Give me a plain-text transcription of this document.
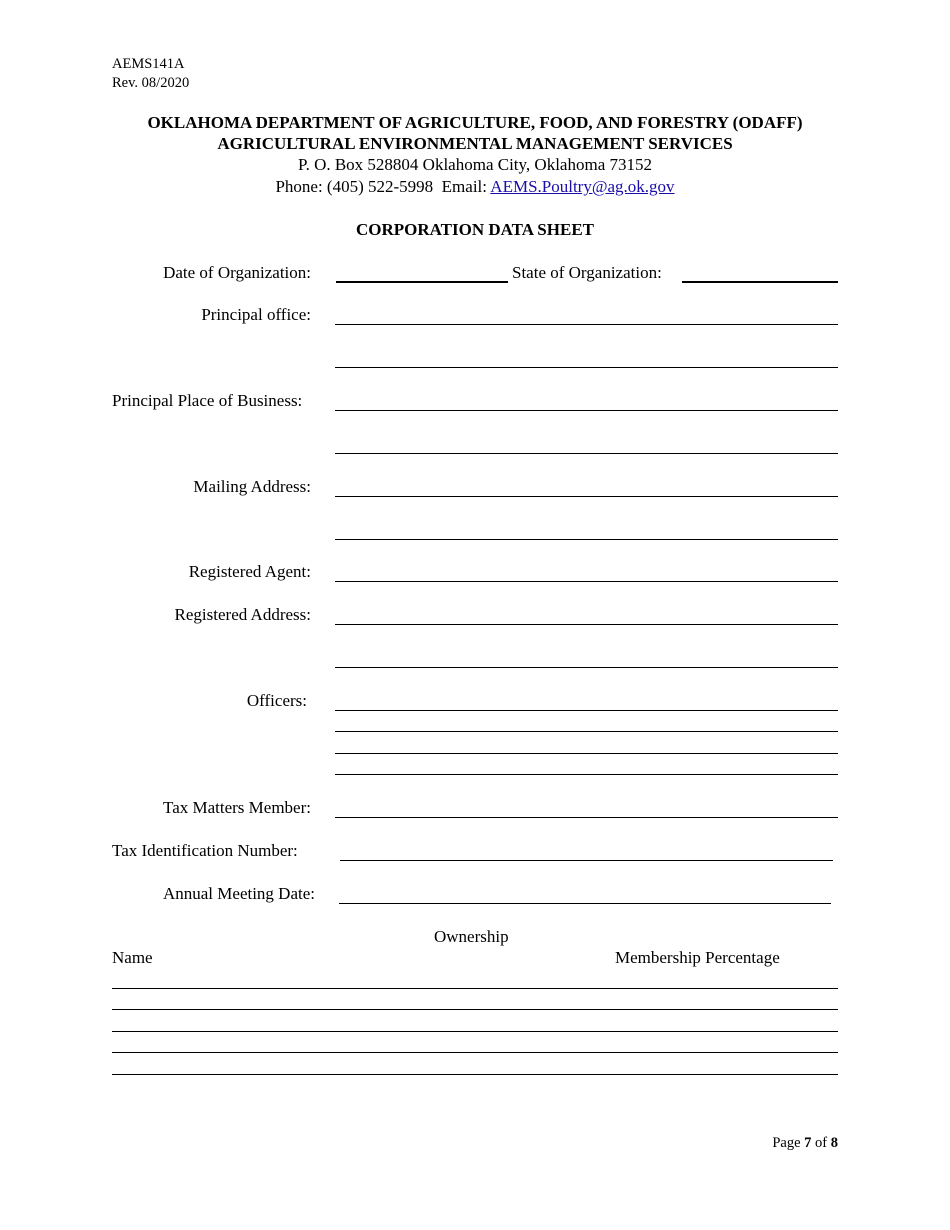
AEMS141A
Rev. 08/2020
OKLAHOMA DEPARTMENT OF AGRICULTURE, FOOD, AND FORESTRY (ODAFF)
AGRICULTURAL ENVIRONMENTAL MANAGEMENT SERVICES
P. O. Box 528804 Oklahoma City, Oklahoma 73152
Phone: (405) 522-5998  Email: AEMS.Poultry@ag.ok.gov
CORPORATION DATA SHEET
Date of Organization:	State of Organization:
Principal office:
Principal Place of Business:
Mailing Address:
Registered Agent:
Registered Address:
Officers:
Tax Matters Member:
Tax Identification Number:
Annual Meeting Date:
Ownership
Name	Membership Percentage
Page 7 of 8
